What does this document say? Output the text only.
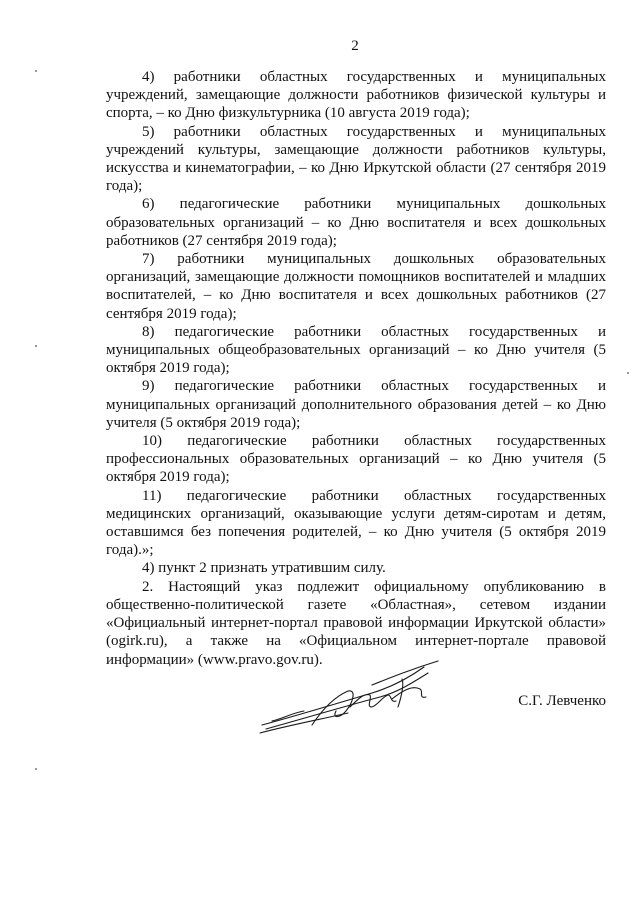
2

4) работники областных государственных и муниципальных учреждений, замещающие должности работников физической культуры и спорта, – ко Дню физкультурника (10 августа 2019 года);

5) работники областных государственных и муниципальных учреждений культуры, замещающие должности работников культуры, искусства и кинематографии, – ко Дню Иркутской области (27 сентября 2019 года);

6) педагогические работники муниципальных дошкольных образовательных организаций – ко Дню воспитателя и всех дошкольных работников (27 сентября 2019 года);

7) работники муниципальных дошкольных образовательных организаций, замещающие должности помощников воспитателей и младших воспитателей, – ко Дню воспитателя и всех дошкольных работников (27 сентября 2019 года);

8) педагогические работники областных государственных и муниципальных общеобразовательных организаций – ко Дню учителя (5 октября 2019 года);

9) педагогические работники областных государственных и муниципальных организаций дополнительного образования детей – ко Дню учителя (5 октября 2019 года);

10) педагогические работники областных государственных профессиональных образовательных организаций – ко Дню учителя (5 октября 2019 года);

11) педагогические работники областных государственных медицинских организаций, оказывающие услуги детям-сиротам и детям, оставшимся без попечения родителей, – ко Дню учителя (5 октября 2019 года).»;

4) пункт 2 признать утратившим силу.

2. Настоящий указ подлежит официальному опубликованию в общественно-политической газете «Областная», сетевом издании «Официальный интернет-портал правовой информации Иркутской области» (ogirk.ru), а также на «Официальном интернет-портале правовой информации» (www.pravo.gov.ru).

С.Г. Левченко
